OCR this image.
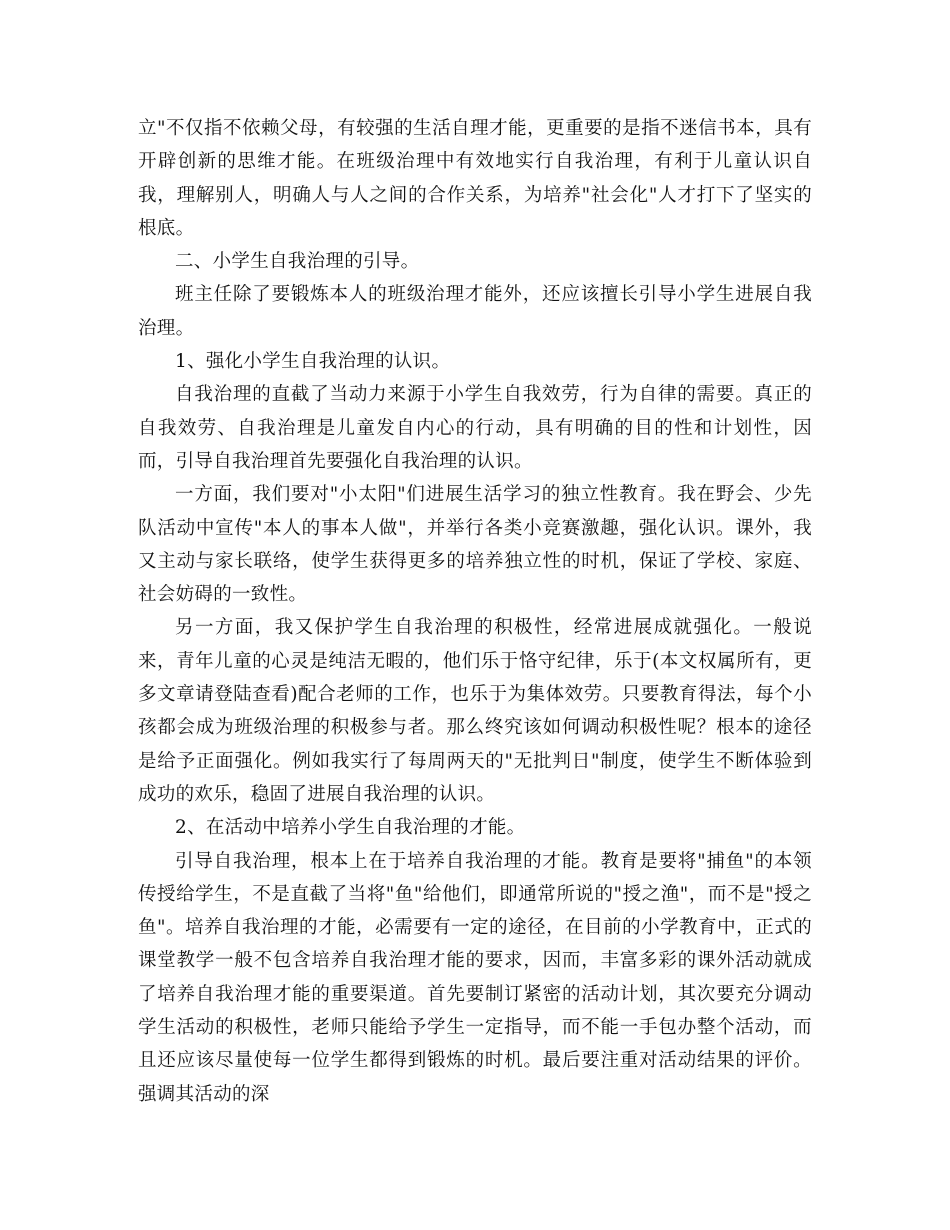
立"不仅指不依赖父母，有较强的生活自理才能，更重要的是指不迷信书本，具有开辟创新的思维才能。在班级治理中有效地实行自我治理，有利于儿童认识自我，理解别人，明确人与人之间的合作关系，为培养"社会化"人才打下了坚实的根底。

二、小学生自我治理的引导。

班主任除了要锻炼本人的班级治理才能外，还应该擅长引导小学生进展自我治理。

1、强化小学生自我治理的认识。

自我治理的直截了当动力来源于小学生自我效劳，行为自律的需要。真正的自我效劳、自我治理是儿童发自内心的行动，具有明确的目的性和计划性，因而，引导自我治理首先要强化自我治理的认识。

一方面，我们要对"小太阳"们进展生活学习的独立性教育。我在野会、少先队活动中宣传"本人的事本人做"，并举行各类小竞赛激趣，强化认识。课外，我又主动与家长联络，使学生获得更多的培养独立性的时机，保证了学校、家庭、社会妨碍的一致性。

另一方面，我又保护学生自我治理的积极性，经常进展成就强化。一般说来，青年儿童的心灵是纯洁无暇的，他们乐于恪守纪律，乐于(本文权属所有，更多文章请登陆查看)配合老师的工作，也乐于为集体效劳。只要教育得法，每个小孩都会成为班级治理的积极参与者。那么终究该如何调动积极性呢？根本的途径是给予正面强化。例如我实行了每周两天的"无批判日"制度，使学生不断体验到成功的欢乐，稳固了进展自我治理的认识。

2、在活动中培养小学生自我治理的才能。

引导自我治理，根本上在于培养自我治理的才能。教育是要将"捕鱼"的本领传授给学生，不是直截了当将"鱼"给他们，即通常所说的"授之渔"，而不是"授之鱼"。培养自我治理的才能，必需要有一定的途径，在目前的小学教育中，正式的课堂教学一般不包含培养自我治理才能的要求，因而，丰富多彩的课外活动就成了培养自我治理才能的重要渠道。首先要制订紧密的活动计划，其次要充分调动学生活动的积极性，老师只能给予学生一定指导，而不能一手包办整个活动，而且还应该尽量使每一位学生都得到锻炼的时机。最后要注重对活动结果的评价。强调其活动的深
